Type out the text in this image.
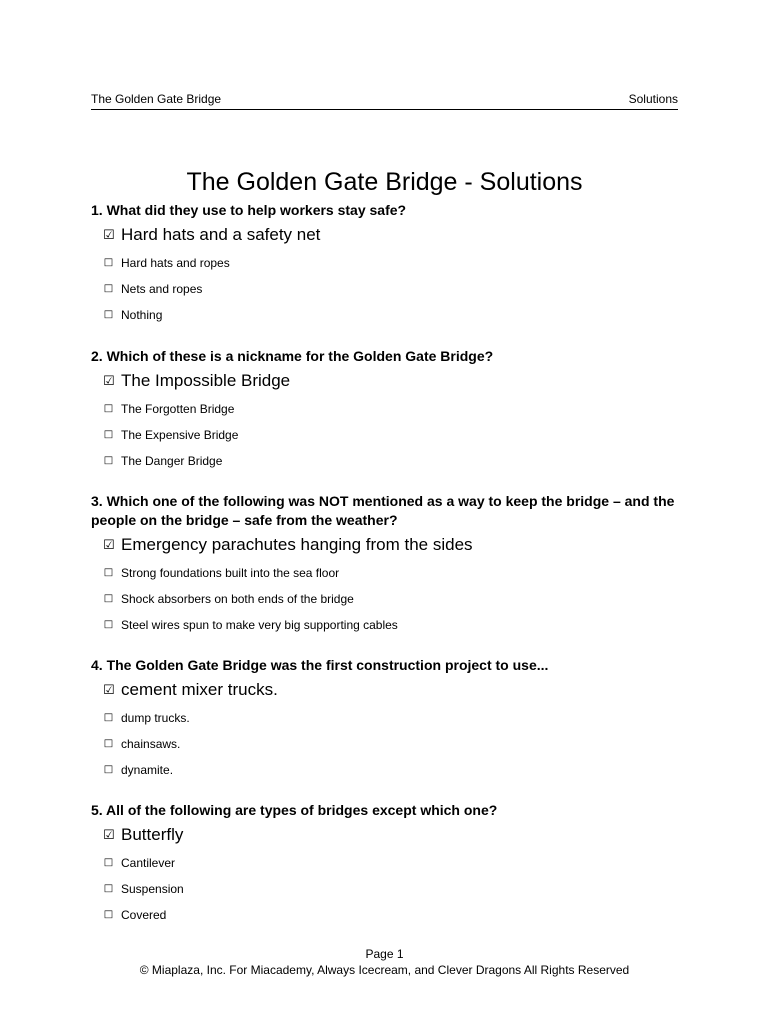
The Golden Gate Bridge	Solutions
The Golden Gate Bridge - Solutions

1. What did they use to help workers stay safe?

☑ Hard hats and a safety net
□ Hard hats and ropes
□ Nets and ropes
□ Nothing

2. Which of these is a nickname for the Golden Gate Bridge?

☑ The Impossible Bridge
□ The Forgotten Bridge
□ The Expensive Bridge
□ The Danger Bridge

3. Which one of the following was NOT mentioned as a way to keep the bridge – and the people on the bridge – safe from the weather?

☑ Emergency parachutes hanging from the sides
□ Strong foundations built into the sea floor
□ Shock absorbers on both ends of the bridge
□ Steel wires spun to make very big supporting cables

4. The Golden Gate Bridge was the first construction project to use...

☑ cement mixer trucks.
□ dump trucks.
□ chainsaws.
□ dynamite.

5. All of the following are types of bridges except which one?

☑ Butterfly
□ Cantilever
□ Suspension
□ Covered
Page 1
© Miaplaza, Inc. For Miacademy, Always Icecream, and Clever Dragons All Rights Reserved
